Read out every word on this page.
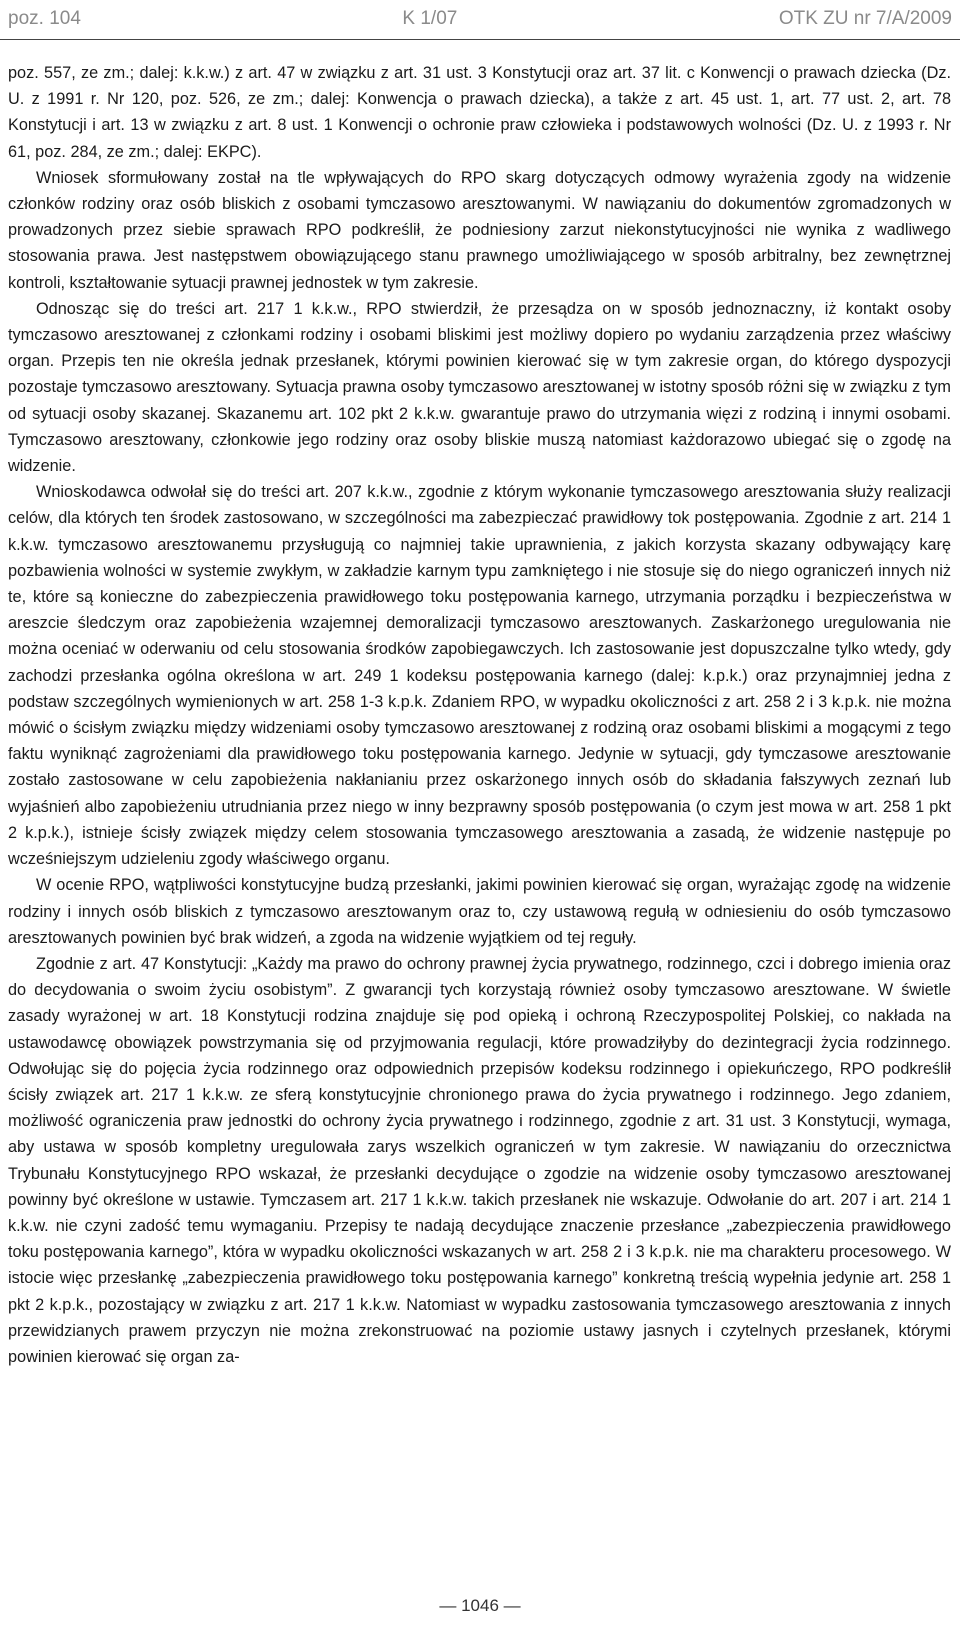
poz. 104	K 1/07	OTK ZU nr 7/A/2009

poz. 557, ze zm.; dalej: k.k.w.) z art. 47 w związku z art. 31 ust. 3 Konstytucji oraz art. 37 lit. c Konwencji o prawach dziecka (Dz. U. z 1991 r. Nr 120, poz. 526, ze zm.; dalej: Konwencja o prawach dziecka), a także z art. 45 ust. 1, art. 77 ust. 2, art. 78 Konstytucji i art. 13 w związku z art. 8 ust. 1 Konwencji o ochronie praw człowieka i podstawowych wolności (Dz. U. z 1993 r. Nr 61, poz. 284, ze zm.; dalej: EKPC).

Wniosek sformułowany został na tle wpływających do RPO skarg dotyczących odmowy wyrażenia zgody na widzenie członków rodziny oraz osób bliskich z osobami tymczasowo aresztowanymi. W nawiązaniu do dokumentów zgromadzonych w prowadzonych przez siebie sprawach RPO podkreślił, że podniesiony zarzut niekonstytucyjności nie wynika z wadliwego stosowania prawa. Jest następstwem obowiązującego stanu prawnego umożliwiającego w sposób arbitralny, bez zewnętrznej kontroli, kształtowanie sytuacji prawnej jednostek w tym zakresie.

Odnosząc się do treści art. 217 1 k.k.w., RPO stwierdził, że przesądza on w sposób jednoznaczny, iż kontakt osoby tymczasowo aresztowanej z członkami rodziny i osobami bliskimi jest możliwy dopiero po wydaniu zarządzenia przez właściwy organ. Przepis ten nie określa jednak przesłanek, którymi powinien kierować się w tym zakresie organ, do którego dyspozycji pozostaje tymczasowo aresztowany. Sytuacja prawna osoby tymczasowo aresztowanej w istotny sposób różni się w związku z tym od sytuacji osoby skazanej. Skazanemu art. 102 pkt 2 k.k.w. gwarantuje prawo do utrzymania więzi z rodziną i innymi osobami. Tymczasowo aresztowany, członkowie jego rodziny oraz osoby bliskie muszą natomiast każdorazowo ubiegać się o zgodę na widzenie.

Wnioskodawca odwołał się do treści art. 207 k.k.w., zgodnie z którym wykonanie tymczasowego aresztowania służy realizacji celów, dla których ten środek zastosowano, w szczególności ma zabezpieczać prawidłowy tok postępowania. Zgodnie z art. 214 1 k.k.w. tymczasowo aresztowanemu przysługują co najmniej takie uprawnienia, z jakich korzysta skazany odbywający karę pozbawienia wolności w systemie zwykłym, w zakładzie karnym typu zamkniętego i nie stosuje się do niego ograniczeń innych niż te, które są konieczne do zabezpieczenia prawidłowego toku postępowania karnego, utrzymania porządku i bezpieczeństwa w areszcie śledczym oraz zapobieżenia wzajemnej demoralizacji tymczasowo aresztowanych. Zaskarżonego uregulowania nie można oceniać w oderwaniu od celu stosowania środków zapobiegawczych. Ich zastosowanie jest dopuszczalne tylko wtedy, gdy zachodzi przesłanka ogólna określona w art. 249 1 kodeksu postępowania karnego (dalej: k.p.k.) oraz przynajmniej jedna z podstaw szczególnych wymienionych w art. 258 1-3 k.p.k. Zdaniem RPO, w wypadku okoliczności z art. 258 2 i 3 k.p.k. nie można mówić o ścisłym związku między widzeniami osoby tymczasowo aresztowanej z rodziną oraz osobami bliskimi a mogącymi z tego faktu wyniknąć zagrożeniami dla prawidłowego toku postępowania karnego. Jedynie w sytuacji, gdy tymczasowe aresztowanie zostało zastosowane w celu zapobieżenia nakłanianiu przez oskarżonego innych osób do składania fałszywych zeznań lub wyjaśnień albo zapobieżeniu utrudniania przez niego w inny bezprawny sposób postępowania (o czym jest mowa w art. 258 1 pkt 2 k.p.k.), istnieje ścisły związek między celem stosowania tymczasowego aresztowania a zasadą, że widzenie następuje po wcześniejszym udzieleniu zgody właściwego organu.

W ocenie RPO, wątpliwości konstytucyjne budzą przesłanki, jakimi powinien kierować się organ, wyrażając zgodę na widzenie rodziny i innych osób bliskich z tymczasowo aresztowanym oraz to, czy ustawową regułą w odniesieniu do osób tymczasowo aresztowanych powinien być brak widzeń, a zgoda na widzenie wyjątkiem od tej reguły.

Zgodnie z art. 47 Konstytucji: „Każdy ma prawo do ochrony prawnej życia prywatnego, rodzinnego, czci i dobrego imienia oraz do decydowania o swoim życiu osobistym”. Z gwarancji tych korzystają również osoby tymczasowo aresztowane. W świetle zasady wyrażonej w art. 18 Konstytucji rodzina znajduje się pod opieką i ochroną Rzeczypospolitej Polskiej, co nakłada na ustawodawcę obowiązek powstrzymania się od przyjmowania regulacji, które prowadziłyby do dezintegracji życia rodzinnego. Odwołując się do pojęcia życia rodzinnego oraz odpowiednich przepisów kodeksu rodzinnego i opiekuńczego, RPO podkreślił ścisły związek art. 217 1 k.k.w. ze sferą konstytucyjnie chronionego prawa do życia prywatnego i rodzinnego. Jego zdaniem, możliwość ograniczenia praw jednostki do ochrony życia prywatnego i rodzinnego, zgodnie z art. 31 ust. 3 Konstytucji, wymaga, aby ustawa w sposób kompletny uregulowała zarys wszelkich ograniczeń w tym zakresie. W nawiązaniu do orzecznictwa Trybunału Konstytucyjnego RPO wskazał, że przesłanki decydujące o zgodzie na widzenie osoby tymczasowo aresztowanej powinny być określone w ustawie. Tymczasem art. 217 1 k.k.w. takich przesłanek nie wskazuje. Odwołanie do art. 207 i art. 214 1 k.k.w. nie czyni zadość temu wymaganiu. Przepisy te nadają decydujące znaczenie przesłance „zabezpieczenia prawidłowego toku postępowania karnego”, która w wypadku okoliczności wskazanych w art. 258 2 i 3 k.p.k. nie ma charakteru procesowego. W istocie więc przesłankę „zabezpieczenia prawidłowego toku postępowania karnego” konkretną treścią wypełnia jedynie art. 258 1 pkt 2 k.p.k., pozostający w związku z art. 217 1 k.k.w. Natomiast w wypadku zastosowania tymczasowego aresztowania z innych przewidzianych prawem przyczyn nie można zrekonstruować na poziomie ustawy jasnych i czytelnych przesłanek, którymi powinien kierować się organ za-

— 1046 —
